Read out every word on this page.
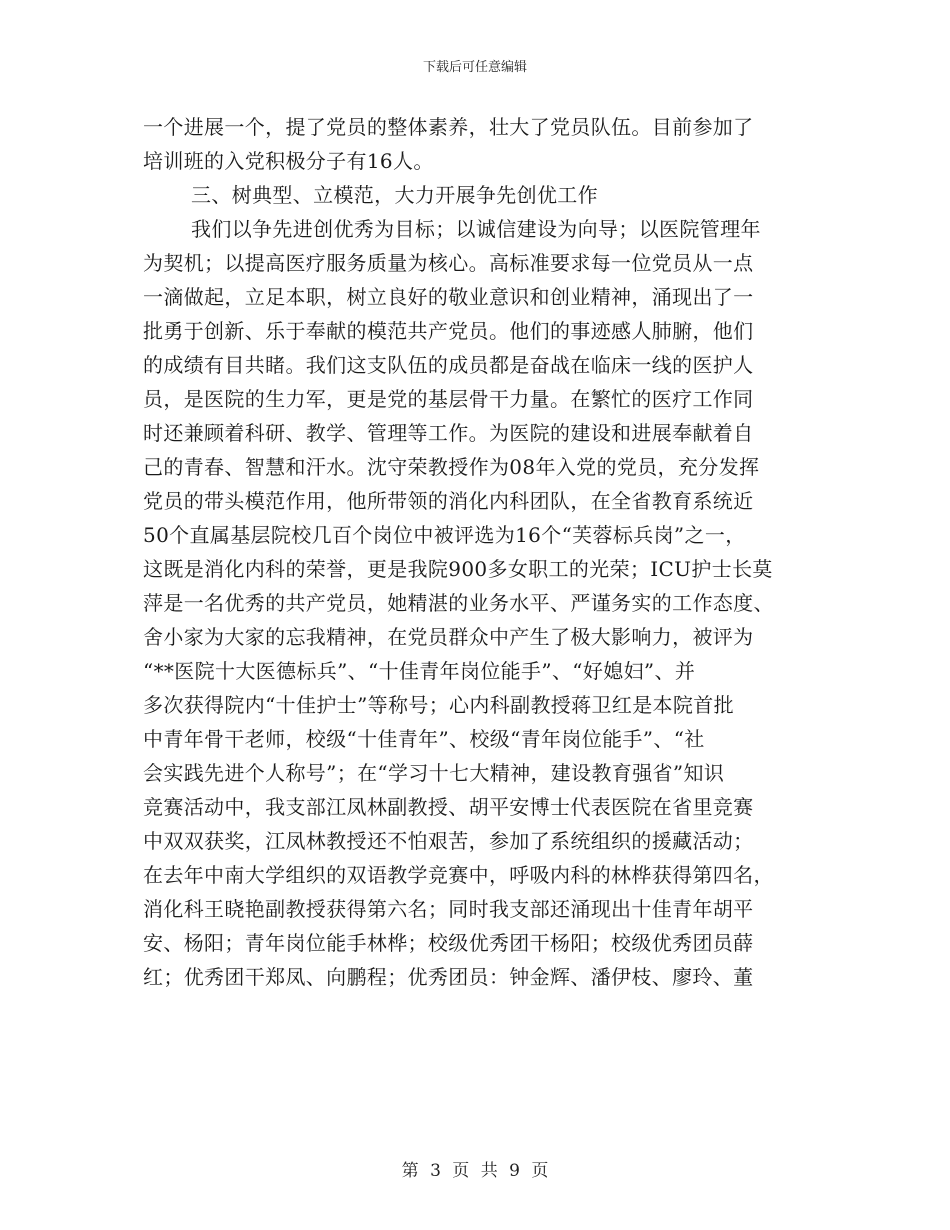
下载后可任意编辑
一个进展一个，提了党员的整体素养，壮大了党员队伍。目前参加了
培训班的入党积极分子有16人。
三、树典型、立模范，大力开展争先创优工作
我们以争先进创优秀为目标；以诚信建设为向导；以医院管理年
为契机；以提高医疗服务质量为核心。高标准要求每一位党员从一点
一滴做起，立足本职，树立良好的敬业意识和创业精神，涌现出了一
批勇于创新、乐于奉献的模范共产党员。他们的事迹感人肺腑，他们
的成绩有目共睹。我们这支队伍的成员都是奋战在临床一线的医护人
员，是医院的生力军，更是党的基层骨干力量。在繁忙的医疗工作同
时还兼顾着科研、教学、管理等工作。为医院的建设和进展奉献着自
己的青春、智慧和汗水。沈守荣教授作为08年入党的党员，充分发挥
党员的带头模范作用，他所带领的消化内科团队，在全省教育系统近
50个直属基层院校几百个岗位中被评选为16个“芙蓉标兵岗”之一，
这既是消化内科的荣誉，更是我院900多女职工的光荣；ICU护士长莫
萍是一名优秀的共产党员，她精湛的业务水平、严谨务实的工作态度、
舍小家为大家的忘我精神，在党员群众中产生了极大影响力，被评为
“**医院十大医德标兵”、“十佳青年岗位能手”、“好媳妇”、并
多次获得院内“十佳护士”等称号；心内科副教授蒋卫红是本院首批
中青年骨干老师，校级“十佳青年”、校级“青年岗位能手”、“社
会实践先进个人称号”；在“学习十七大精神，建设教育强省”知识
竞赛活动中，我支部江凤林副教授、胡平安博士代表医院在省里竞赛
中双双获奖，江凤林教授还不怕艰苦，参加了系统组织的援藏活动；
在去年中南大学组织的双语教学竞赛中，呼吸内科的林桦获得第四名，
消化科王晓艳副教授获得第六名；同时我支部还涌现出十佳青年胡平
安、杨阳；青年岗位能手林桦；校级优秀团干杨阳；校级优秀团员薛
红；优秀团干郑凤、向鹏程；优秀团员：钟金辉、潘伊枝、廖玲、董
第 3 页 共 9 页
